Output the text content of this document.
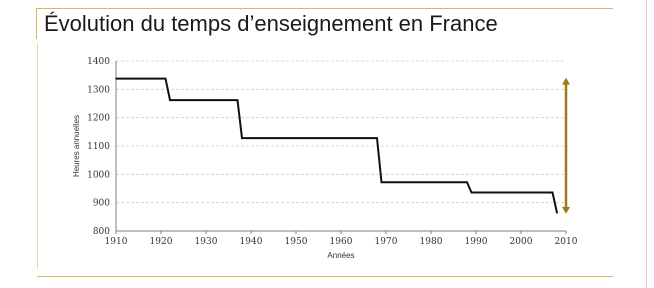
Évolution du temps d’enseignement en France
800
900
1000
1100
1200
1300
1400
1910 1920 1930 1940 1950 1960 1970 1980 1990 2000 2010
Années
Heures annuelles
